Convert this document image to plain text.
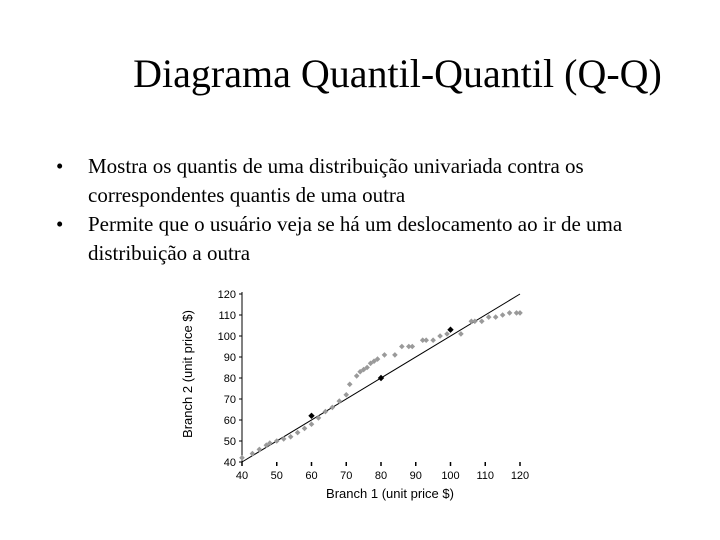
Diagrama Quantil-Quantil (Q-Q)
• Mostra os quantis de uma distribuição univariada contra os correspondentes quantis de uma outra
• Permite que o usuário veja se há um deslocamento ao ir de uma distribuição a outra
40
50
60
70
80
90
100
110
120
40 50 60 70 80 90 100 110 120
Branch 1 (unit price $)
Branch 2 (unit price $)
